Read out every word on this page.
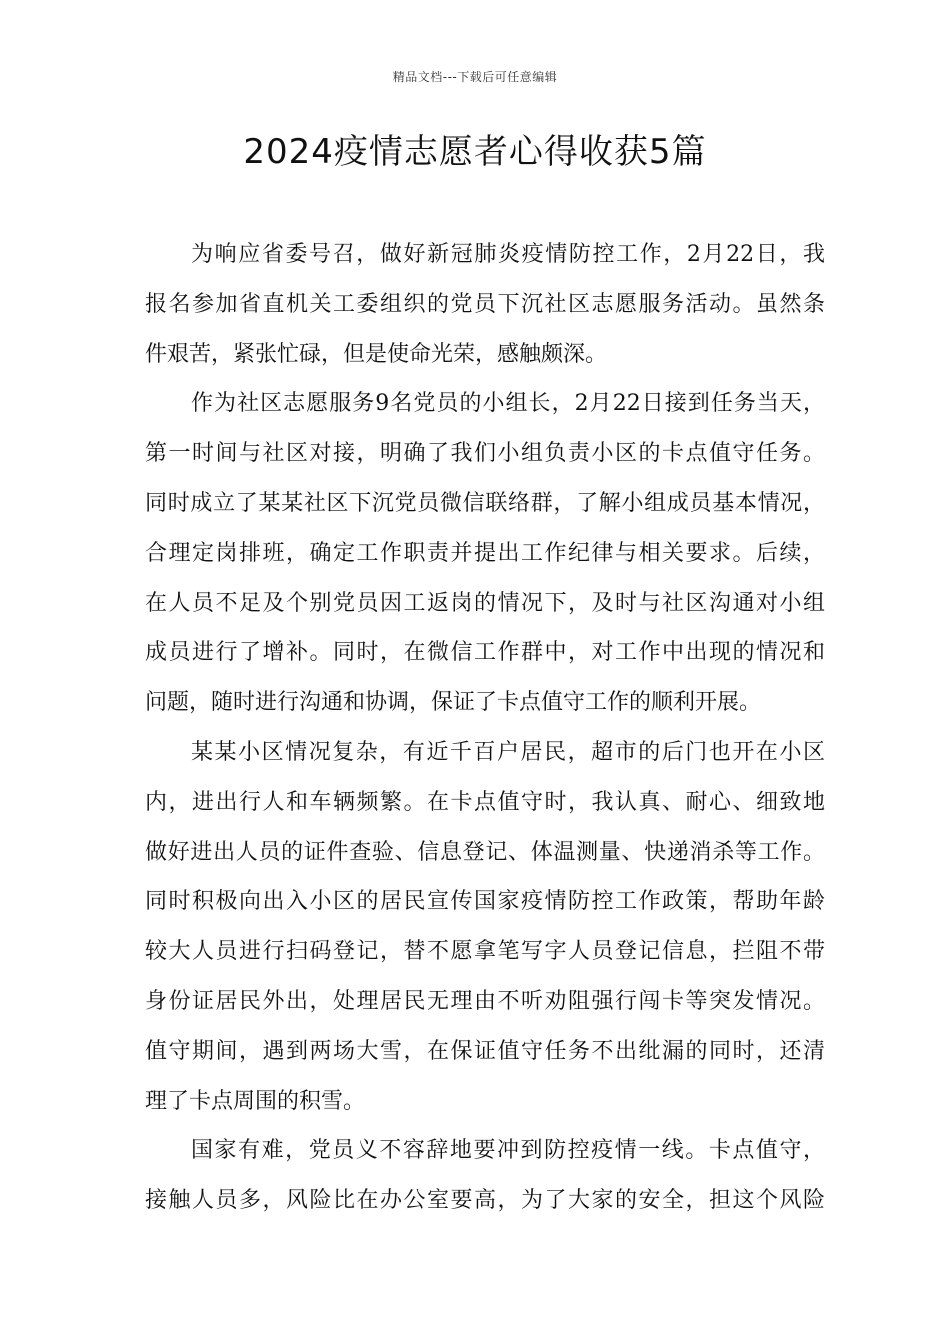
精品文档---下载后可任意编辑
2024疫情志愿者心得收获5篇
为响应省委号召，做好新冠肺炎疫情防控工作，2月22日，我
报名参加省直机关工委组织的党员下沉社区志愿服务活动。虽然条
件艰苦，紧张忙碌，但是使命光荣，感触颇深。
作为社区志愿服务9名党员的小组长，2月22日接到任务当天，
第一时间与社区对接，明确了我们小组负责小区的卡点值守任务。
同时成立了某某社区下沉党员微信联络群，了解小组成员基本情况，
合理定岗排班，确定工作职责并提出工作纪律与相关要求。后续，
在人员不足及个别党员因工返岗的情况下，及时与社区沟通对小组
成员进行了增补。同时，在微信工作群中，对工作中出现的情况和
问题，随时进行沟通和协调，保证了卡点值守工作的顺利开展。
某某小区情况复杂，有近千百户居民，超市的后门也开在小区
内，进出行人和车辆频繁。在卡点值守时，我认真、耐心、细致地
做好进出人员的证件查验、信息登记、体温测量、快递消杀等工作。
同时积极向出入小区的居民宣传国家疫情防控工作政策，帮助年龄
较大人员进行扫码登记，替不愿拿笔写字人员登记信息，拦阻不带
身份证居民外出，处理居民无理由不听劝阻强行闯卡等突发情况。
值守期间，遇到两场大雪，在保证值守任务不出纰漏的同时，还清
理了卡点周围的积雪。
国家有难，党员义不容辞地要冲到防控疫情一线。卡点值守，
接触人员多，风险比在办公室要高，为了大家的安全，担这个风险
